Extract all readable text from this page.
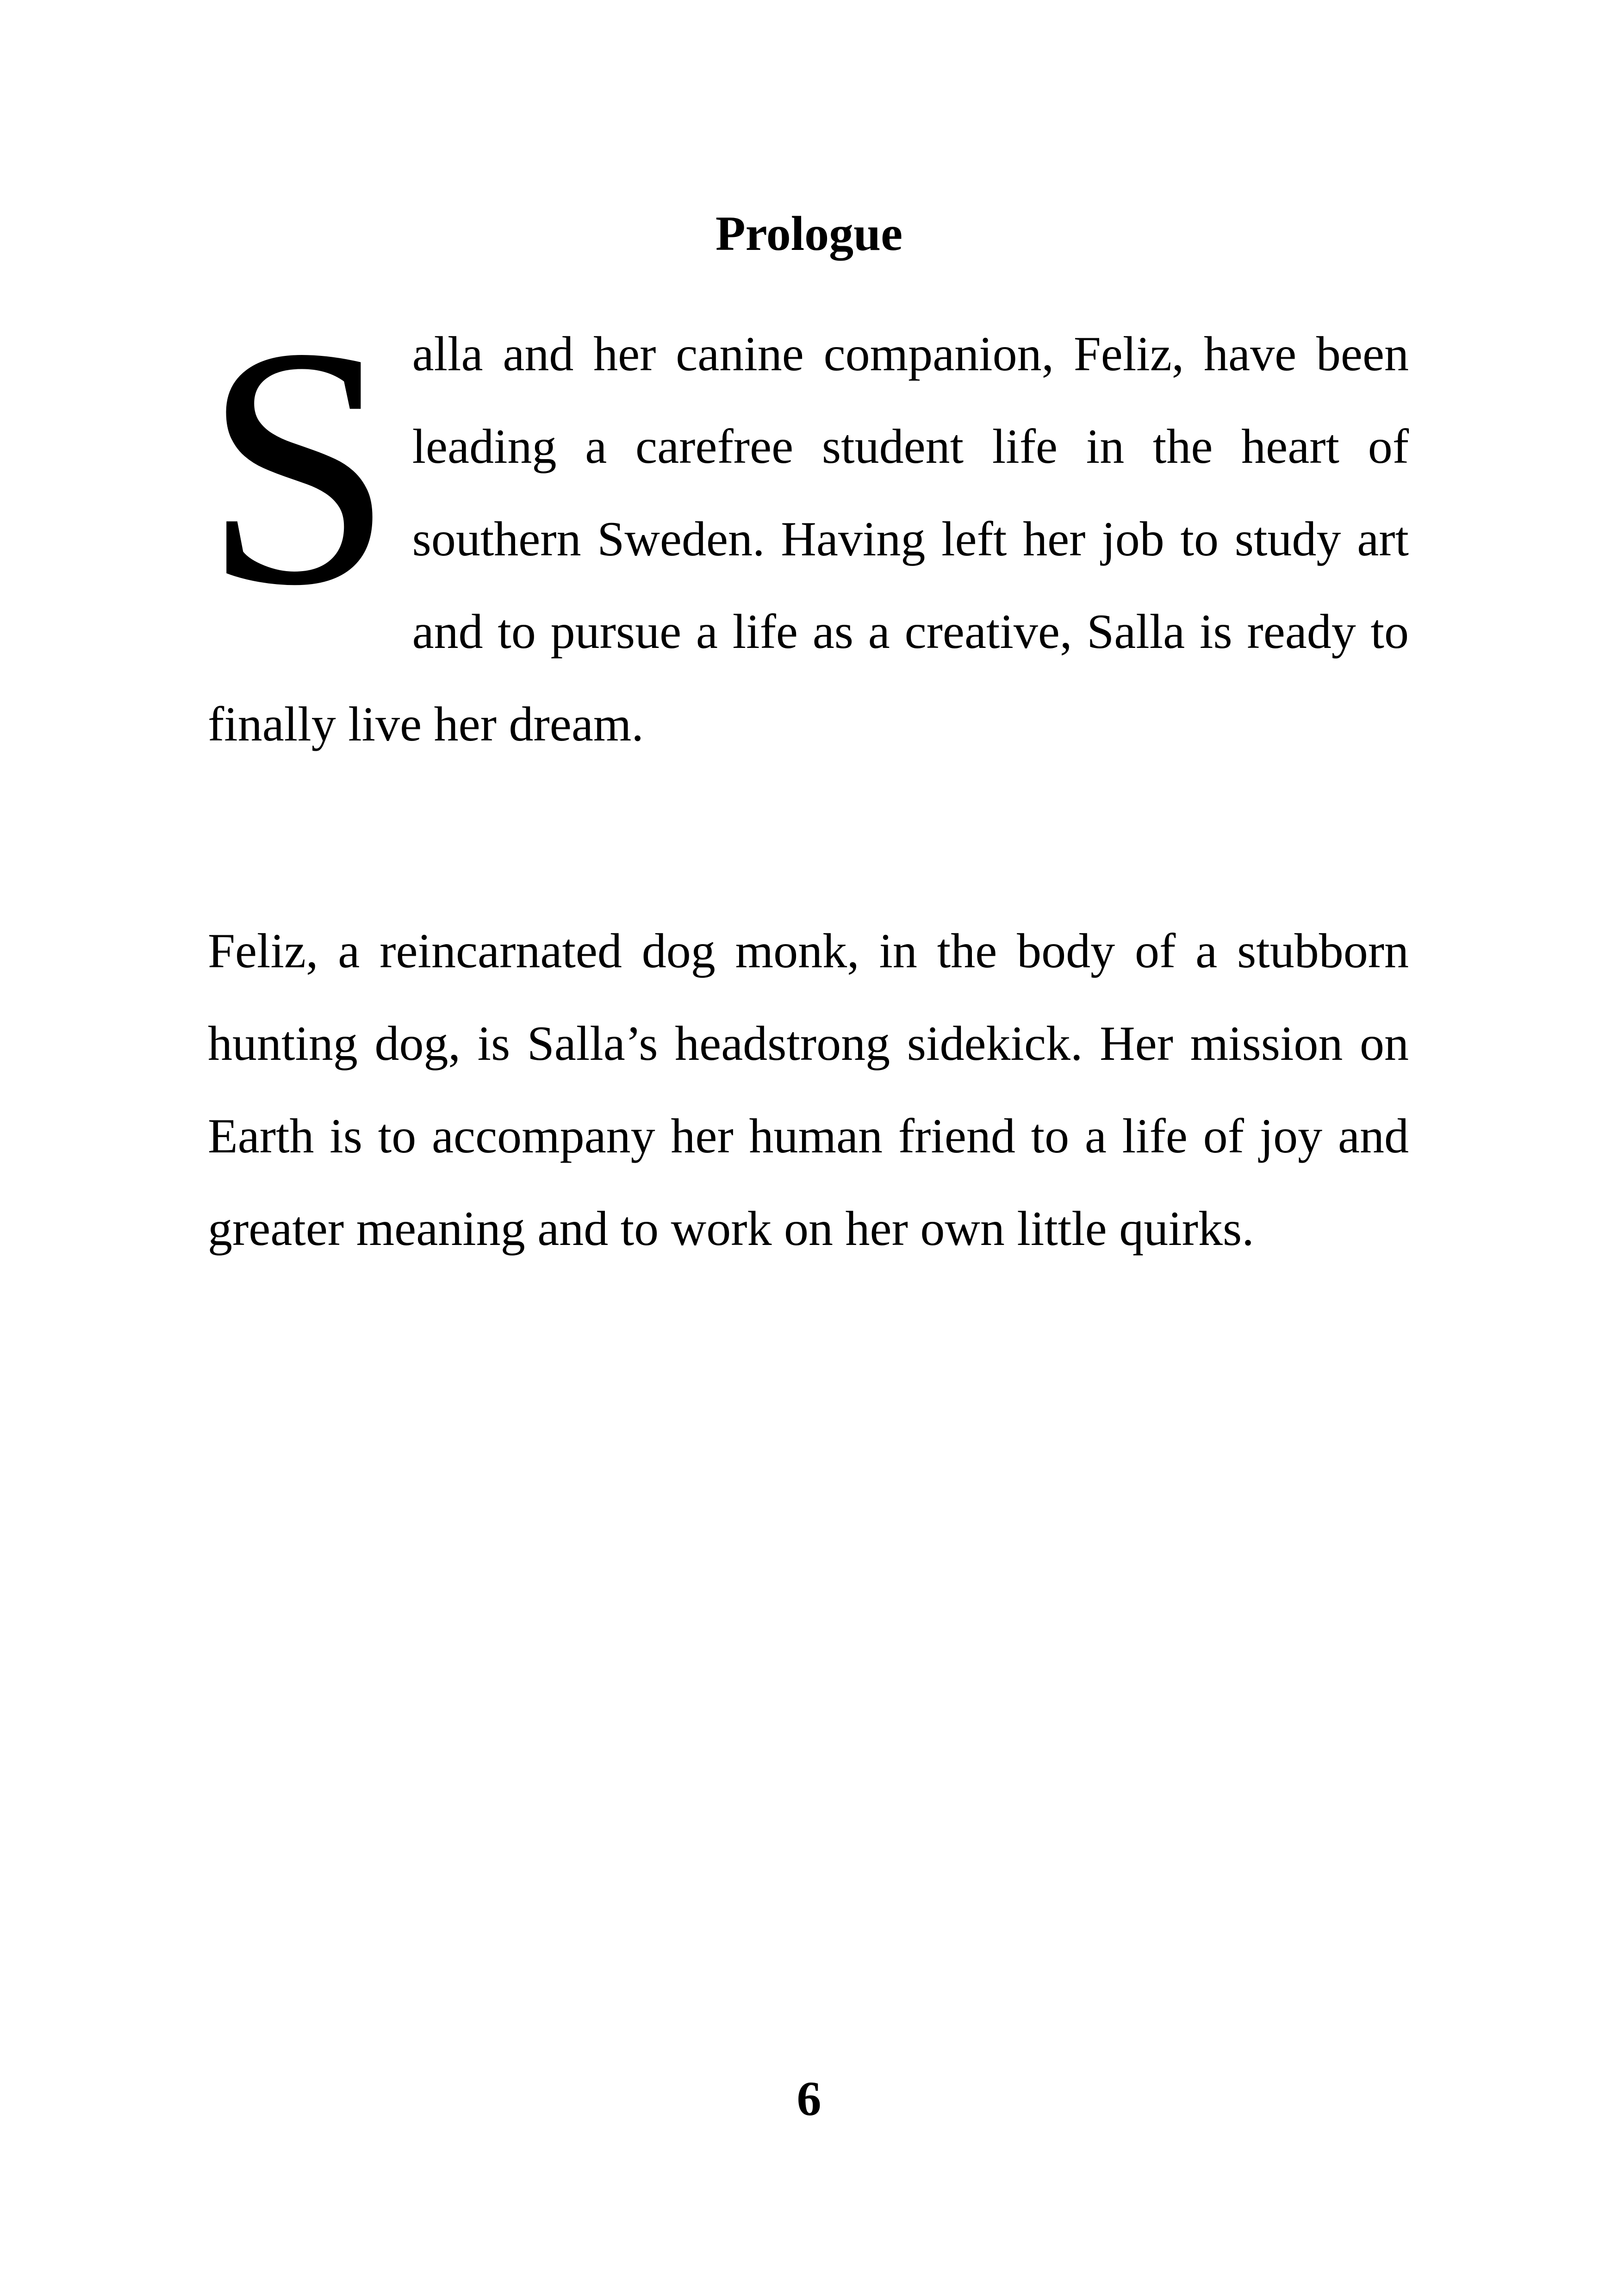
Prologue

Salla and her canine companion, Feliz, have been leading a carefree student life in the heart of southern Sweden. Having left her job to study art and to pursue a life as a creative, Salla is ready to finally live her dream.

Feliz, a reincarnated dog monk, in the body of a stubborn hunting dog, is Salla’s headstrong sidekick. Her mission on Earth is to accompany her human friend to a life of joy and greater meaning and to work on her own little quirks.

6
